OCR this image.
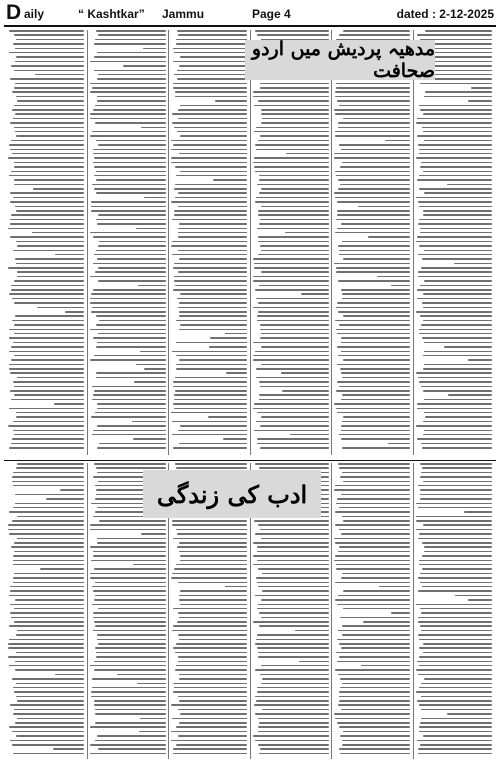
D aily	“ Kashtkar” Jammu	Page 4	dated : 2-12-2025
مدھیہ پردیش میں اردو صحافت
ادب کی زندگی
